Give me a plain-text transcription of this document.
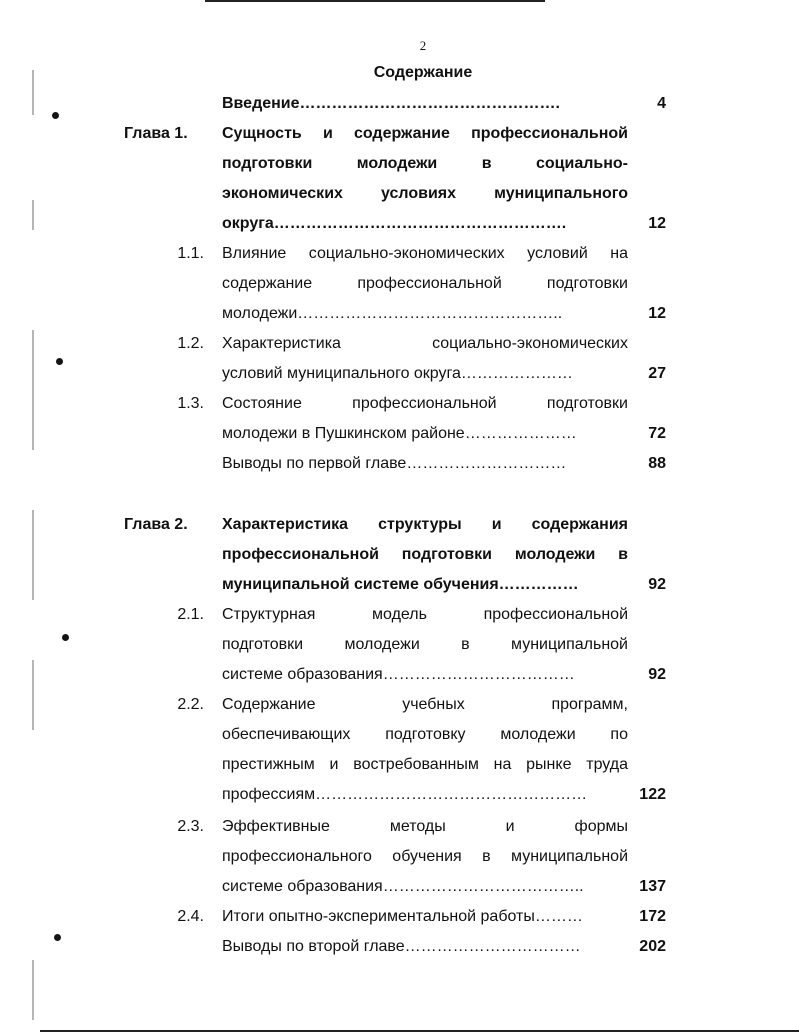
2
Содержание
Введение………………………………………….	4
Глава 1. Сущность и содержание профессиональной
подготовки молодежи в социально-
экономических условиях муниципального
округа……………………………………………….	12
1.1. Влияние социально-экономических условий на
содержание профессиональной подготовки
молодежи…………………………………………..	12
1.2. Характеристика социально-экономических
условий муниципального округа…………………	27
1.3. Состояние профессиональной подготовки
молодежи в Пушкинском районе…………………	72
Выводы по первой главе…………………………	88
Глава 2. Характеристика структуры и содержания
профессиональной подготовки молодежи в
муниципальной системе обучения……………	92
2.1. Структурная модель профессиональной
подготовки молодежи в муниципальной
системе образования………………………………	92
2.2. Содержание учебных программ,
обеспечивающих подготовку молодежи по
престижным и востребованным на рынке труда
профессиям……………………………………………	122
2.3. Эффективные методы и формы
профессионального обучения в муниципальной
системе образования………………………………..	137
2.4. Итоги опытно-экспериментальной работы………	172
Выводы по второй главе……………………………	202
